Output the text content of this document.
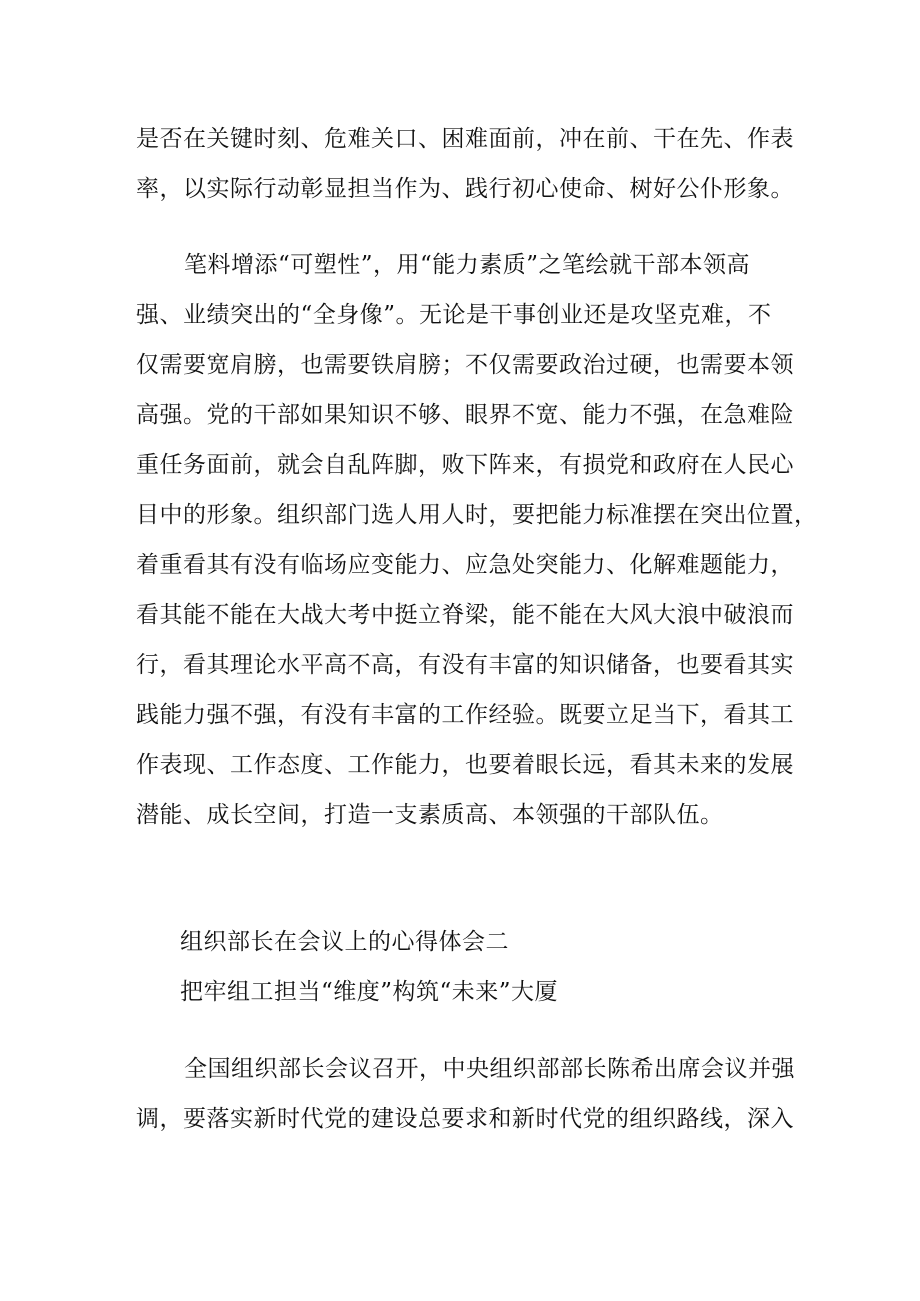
是否在关键时刻、危难关口、困难面前，冲在前、干在先、作表
率，以实际行动彰显担当作为、践行初心使命、树好公仆形象。
笔料增添“可塑性”，用“能力素质”之笔绘就干部本领高
强、业绩突出的“全身像”。无论是干事创业还是攻坚克难，不
仅需要宽肩膀，也需要铁肩膀；不仅需要政治过硬，也需要本领
高强。党的干部如果知识不够、眼界不宽、能力不强，在急难险
重任务面前，就会自乱阵脚，败下阵来，有损党和政府在人民心
目中的形象。组织部门选人用人时，要把能力标准摆在突出位置，
着重看其有没有临场应变能力、应急处突能力、化解难题能力，
看其能不能在大战大考中挺立脊梁，能不能在大风大浪中破浪而
行，看其理论水平高不高，有没有丰富的知识储备，也要看其实
践能力强不强，有没有丰富的工作经验。既要立足当下，看其工
作表现、工作态度、工作能力，也要着眼长远，看其未来的发展
潜能、成长空间，打造一支素质高、本领强的干部队伍。
组织部长在会议上的心得体会二
把牢组工担当“维度”构筑“未来”大厦
全国组织部长会议召开，中央组织部部长陈希出席会议并强
调，要落实新时代党的建设总要求和新时代党的组织路线，深入
